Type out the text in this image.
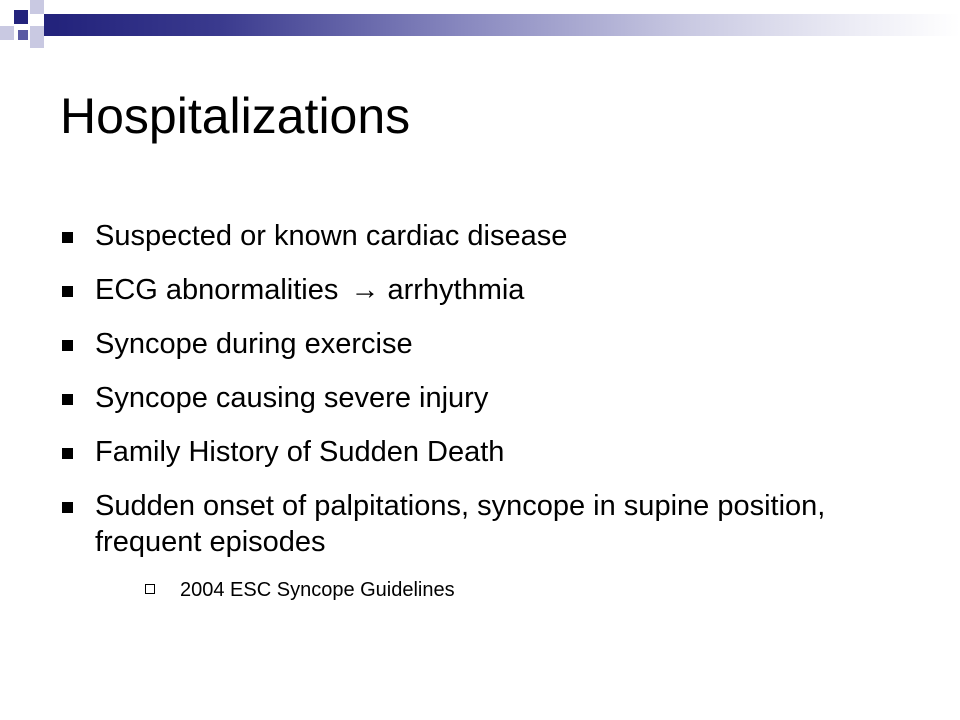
Hospitalizations
Suspected or known cardiac disease
ECG abnormalities → arrhythmia
Syncope during exercise
Syncope causing severe injury
Family History of Sudden Death
Sudden onset of palpitations, syncope in supine position, frequent episodes
2004 ESC Syncope Guidelines
